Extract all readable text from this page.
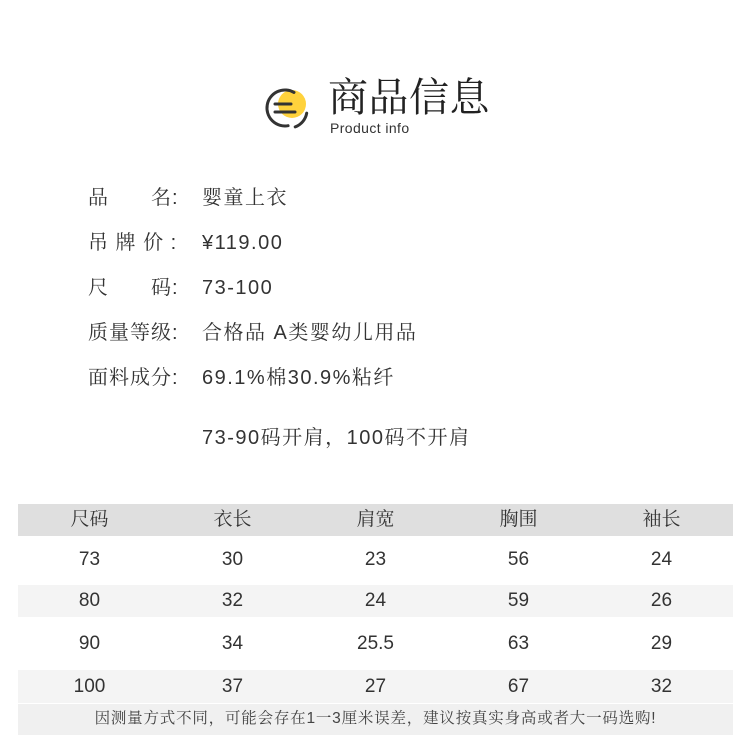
商品信息
Product info
品　　名:	婴童上衣
吊 牌 价 :	¥119.00
尺　　码:	73-100
质量等级:	合格品 A类婴幼儿用品
面料成分:	69.1%棉30.9%粘纤
73-90码开肩，100码不开肩
尺码	衣长	肩宽	胸围	袖长
73	30	23	56	24
80	32	24	59	26
90	34	25.5	63	29
100	37	27	67	32
因测量方式不同，可能会存在1一3厘米误差，建议按真实身高或者大一码选购!
